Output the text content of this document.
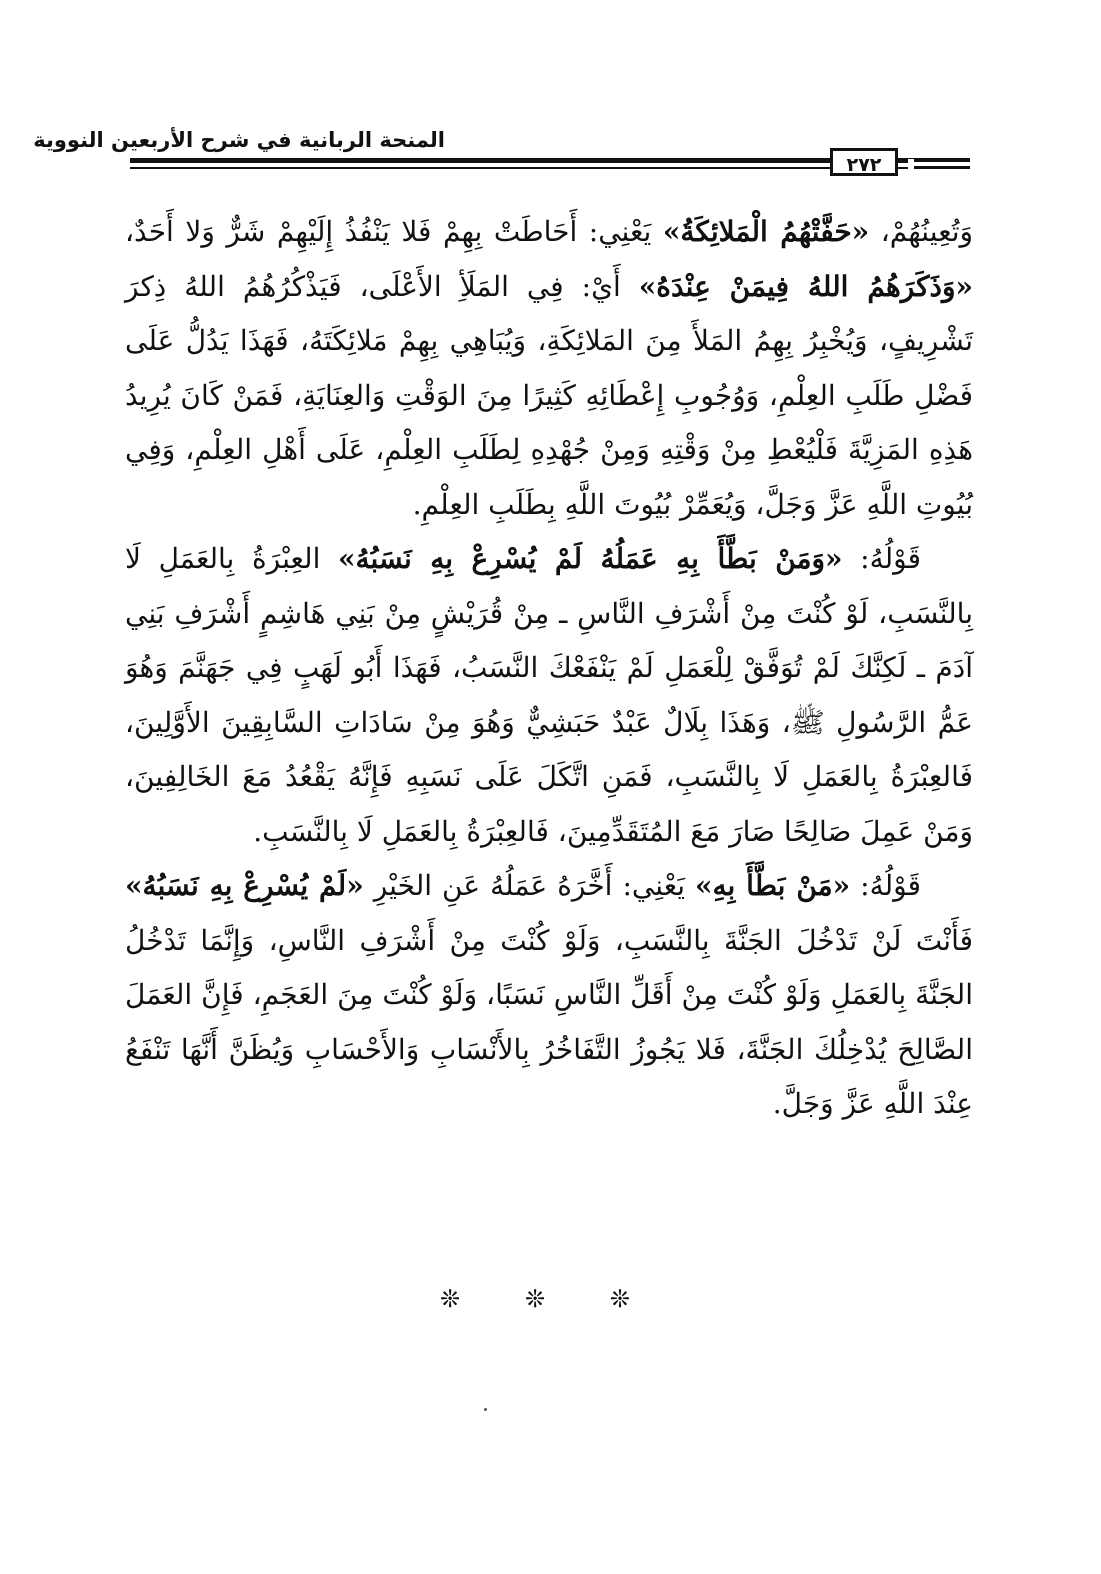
المنحة الربانية في شرح الأربعين النووية
٢٧٢

وَتُعِينُهُمْ، «حَفَّتْهُمُ الْمَلائِكَةُ» يَعْنِي: أَحَاطَتْ بِهِمْ فَلا يَنْفُذُ إِلَيْهِمْ شَرٌّ وَلا أَحَدٌ، «وَذَكَرَهُمُ اللهُ فِيمَنْ عِنْدَهُ» أَيْ: فِي المَلَأِ الأَعْلَى، فَيَذْكُرُهُمُ اللهُ ذِكرَ تَشْرِيفٍ، وَيُخْبِرُ بِهِمُ المَلأَ مِنَ المَلائِكَةِ، وَيُبَاهِي بِهِمْ مَلائِكَتَهُ، فَهَذَا يَدُلُّ عَلَى فَضْلِ طَلَبِ العِلْمِ، وَوُجُوبِ إِعْطَائِهِ كَثِيرًا مِنَ الوَقْتِ وَالعِنَايَةِ، فَمَنْ كَانَ يُرِيدُ هَذِهِ المَزِيَّةَ فَلْيُعْطِ مِنْ وَقْتِهِ وَمِنْ جُهْدِهِ لِطَلَبِ العِلْمِ، عَلَى أَهْلِ العِلْمِ، وَفِي بُيُوتِ اللَّهِ عَزَّ وَجَلَّ، وَيُعَمِّرْ بُيُوتَ اللَّهِ بِطَلَبِ العِلْمِ.

قَوْلُهُ: «وَمَنْ بَطَّأَ بِهِ عَمَلُهُ لَمْ يُسْرِعْ بِهِ نَسَبُهُ» العِبْرَةُ بِالعَمَلِ لَا بِالنَّسَبِ، لَوْ كُنْتَ مِنْ أَشْرَفِ النَّاسِ ـ مِنْ قُرَيْشٍ مِنْ بَنِي هَاشِمٍ أَشْرَفِ بَنِي آدَمَ ـ لَكِنَّكَ لَمْ تُوَفَّقْ لِلْعَمَلِ لَمْ يَنْفَعْكَ النَّسَبُ، فَهَذَا أَبُو لَهَبٍ فِي جَهَنَّمَ وَهُوَ عَمُّ الرَّسُولِ ﷺ، وَهَذَا بِلَالٌ عَبْدٌ حَبَشِيٌّ وَهُوَ مِنْ سَادَاتِ السَّابِقِينَ الأَوَّلِينَ، فَالعِبْرَةُ بِالعَمَلِ لَا بِالنَّسَبِ، فَمَنِ اتَّكَلَ عَلَى نَسَبِهِ فَإِنَّهُ يَقْعُدُ مَعَ الخَالِفِينَ، وَمَنْ عَمِلَ صَالِحًا صَارَ مَعَ المُتَقَدِّمِينَ، فَالعِبْرَةُ بِالعَمَلِ لَا بِالنَّسَبِ.

قَوْلُهُ: «مَنْ بَطَّأَ بِهِ» يَعْنِي: أَخَّرَهُ عَمَلُهُ عَنِ الخَيْرِ «لَمْ يُسْرِعْ بِهِ نَسَبُهُ» فَأَنْتَ لَنْ تَدْخُلَ الجَنَّةَ بِالنَّسَبِ، وَلَوْ كُنْتَ مِنْ أَشْرَفِ النَّاسِ، وَإِنَّمَا تَدْخُلُ الجَنَّةَ بِالعَمَلِ وَلَوْ كُنْتَ مِنْ أَقَلِّ النَّاسِ نَسَبًا، وَلَوْ كُنْتَ مِنَ العَجَمِ، فَإِنَّ العَمَلَ الصَّالِحَ يُدْخِلُكَ الجَنَّةَ، فَلا يَجُوزُ التَّفَاخُرُ بِالأَنْسَابِ وَالأَحْسَابِ وَيُظَنَّ أَنَّهَا تَنْفَعُ عِنْدَ اللَّهِ عَزَّ وَجَلَّ.

❊	❊	❊
